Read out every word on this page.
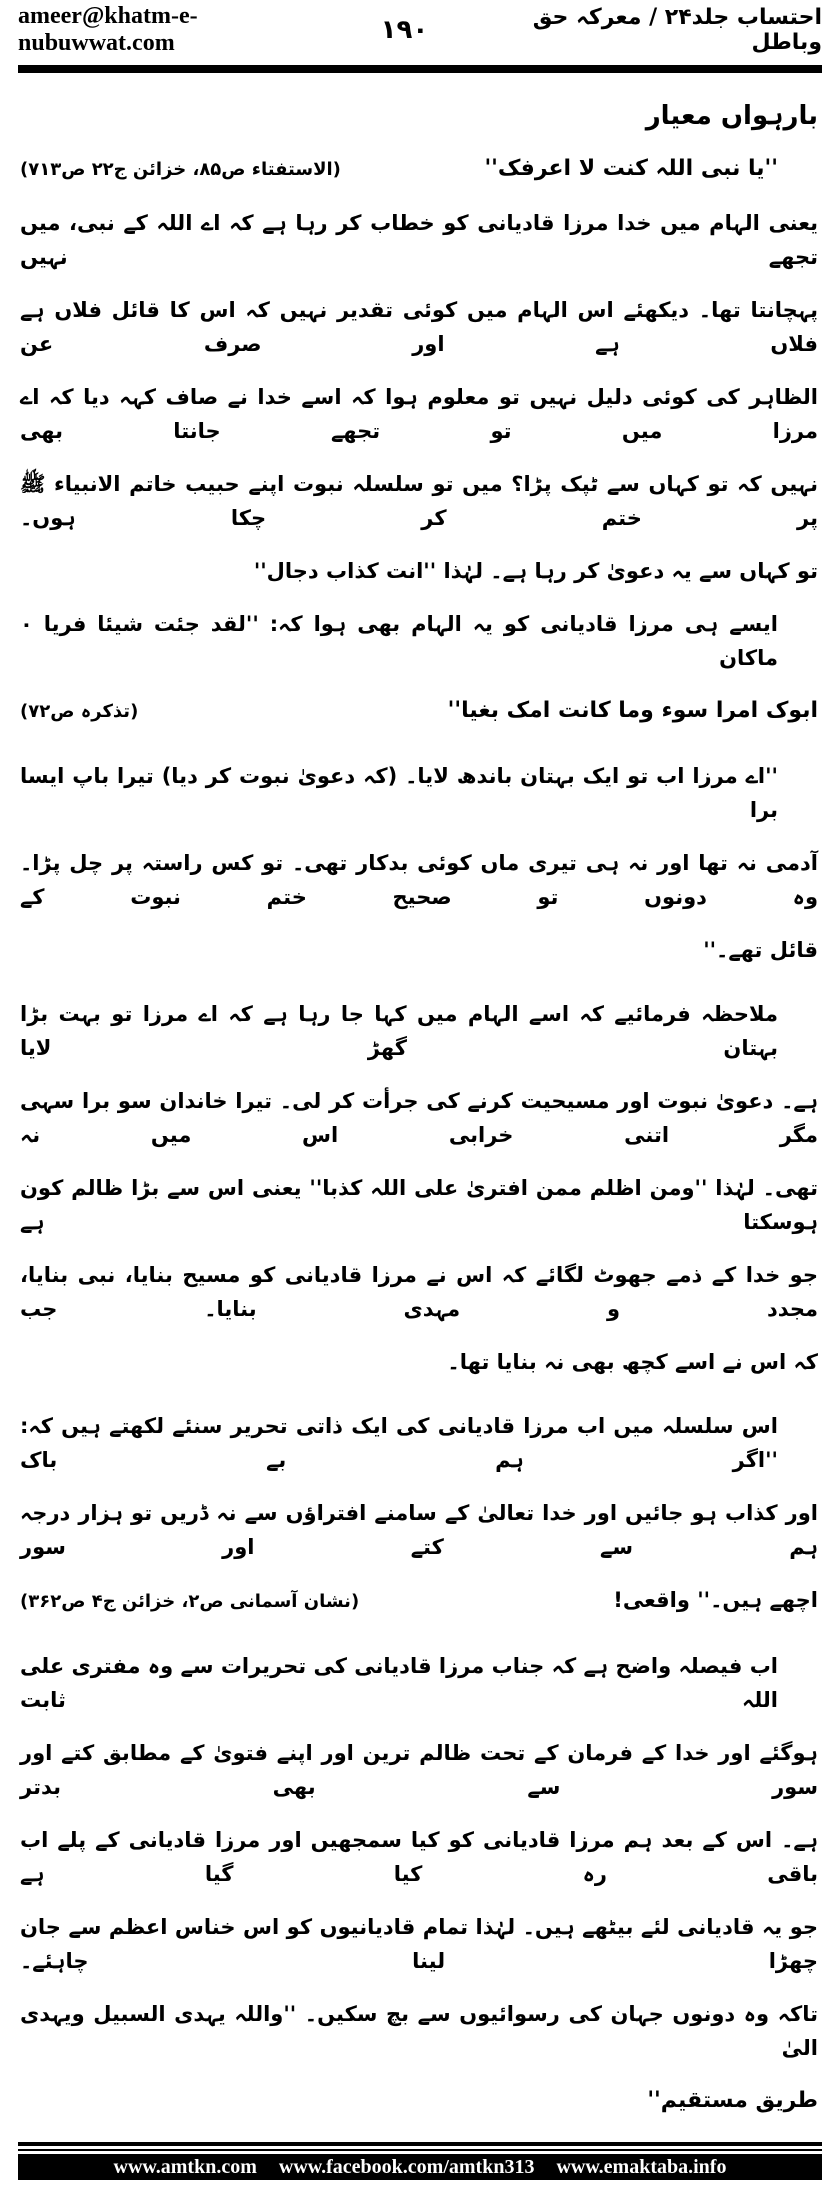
ameer@khatm-e-nubuwwat.com	۱۹۰	احتساب جلد۲۴ / معرکہ حق وباطل
بارہواں معیار
''یا نبی اللہ کنت لا اعرفک''
(الاستفتاء ص۸۵، خزائن ج۲۲ ص۷۱۳)
یعنی الہام میں خدا مرزا قادیانی کو خطاب کر رہا ہے کہ اے اللہ کے نبی، میں تجھے نہیں
پہچانتا تھا۔ دیکھئے اس الہام میں کوئی تقدیر نہیں کہ اس کا قائل فلاں ہے فلاں ہے اور صرف عن
الظاہر کی کوئی دلیل نہیں تو معلوم ہوا کہ اسے خدا نے صاف کہہ دیا کہ اے مرزا میں تو تجھے جانتا بھی
نہیں کہ تو کہاں سے ٹپک پڑا؟ میں تو سلسلہ نبوت اپنے حبیب خاتم الانبیاء ﷺ پر ختم کر چکا ہوں۔
تو کہاں سے یہ دعویٰ کر رہا ہے۔ لہٰذا ''انت کذاب دجال''
ایسے ہی مرزا قادیانی کو یہ الہام بھی ہوا کہ: ''لقد جئت شیئا فریا ۰ ماکان
ابوک امرا سوء وما کانت امک بغیا''
(تذکرہ ص۷۲)
''اے مرزا اب تو ایک بہتان باندھ لایا۔ (کہ دعویٰ نبوت کر دیا) تیرا باپ ایسا برا
آدمی نہ تھا اور نہ ہی تیری ماں کوئی بدکار تھی۔ تو کس راستہ پر چل پڑا۔ وہ دونوں تو صحیح ختم نبوت کے
قائل تھے۔''
ملاحظہ فرمائیے کہ اسے الہام میں کہا جا رہا ہے کہ اے مرزا تو بہت بڑا بہتان گھڑ لایا
ہے۔ دعویٰ نبوت اور مسیحیت کرنے کی جرأت کر لی۔ تیرا خاندان سو برا سہی مگر اتنی خرابی اس میں نہ
تھی۔ لہٰذا ''ومن اظلم ممن افتریٰ علی اللہ کذبا'' یعنی اس سے بڑا ظالم کون ہوسکتا ہے
جو خدا کے ذمے جھوٹ لگائے کہ اس نے مرزا قادیانی کو مسیح بنایا، نبی بنایا، مجدد و مہدی بنایا۔ جب
کہ اس نے اسے کچھ بھی نہ بنایا تھا۔
اس سلسلہ میں اب مرزا قادیانی کی ایک ذاتی تحریر سنئے لکھتے ہیں کہ: ''اگر ہم بے باک
اور کذاب ہو جائیں اور خدا تعالیٰ کے سامنے افتراؤں سے نہ ڈریں تو ہزار درجہ ہم سے کتے اور سور
اچھے ہیں۔'' واقعی!
(نشان آسمانی ص۲، خزائن ج۴ ص۳۶۲)
اب فیصلہ واضح ہے کہ جناب مرزا قادیانی کی تحریرات سے وہ مفتری علی اللہ ثابت
ہوگئے اور خدا کے فرمان کے تحت ظالم ترین اور اپنے فتویٰ کے مطابق کتے اور سور سے بھی بدتر
ہے۔ اس کے بعد ہم مرزا قادیانی کو کیا سمجھیں اور مرزا قادیانی کے پلے اب باقی رہ کیا گیا ہے
جو یہ قادیانی لئے بیٹھے ہیں۔ لہٰذا تمام قادیانیوں کو اس خناس اعظم سے جان چھڑا لینا چاہئے۔
تاکہ وہ دونوں جہان کی رسوائیوں سے بچ سکیں۔ ''واللہ یہدی السبیل ویہدی الیٰ
طریق مستقیم''
www.amtkn.com www.facebook.com/amtkn313 www.emaktaba.info
